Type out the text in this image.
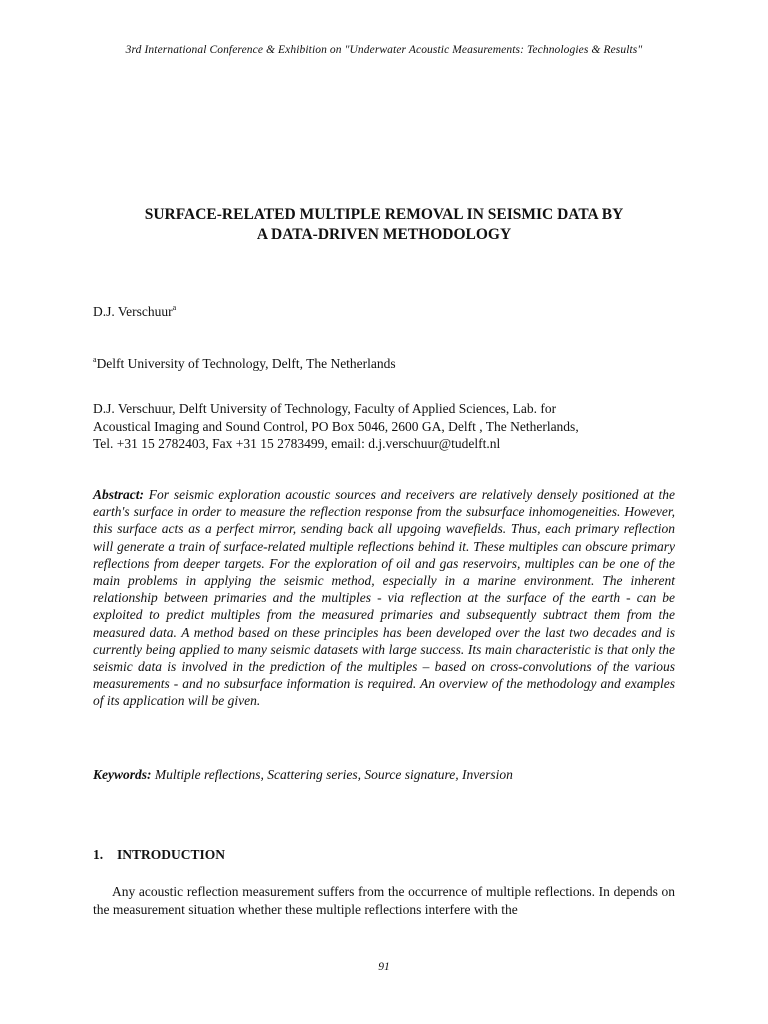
3rd International Conference & Exhibition on "Underwater Acoustic Measurements: Technologies & Results"
SURFACE-RELATED MULTIPLE REMOVAL IN SEISMIC DATA BY
A DATA-DRIVEN METHODOLOGY
D.J. Verschuur$^a$
$^a$Delft University of Technology, Delft, The Netherlands
D.J. Verschuur, Delft University of Technology, Faculty of Applied Sciences, Lab. for
Acoustical Imaging and Sound Control, PO Box 5046, 2600 GA, Delft , The Netherlands,
Tel. +31 15 2782403, Fax +31 15 2783499, email: d.j.verschuur@tudelft.nl
Abstract: For seismic exploration acoustic sources and receivers are relatively densely positioned at the earth's surface in order to measure the reflection response from the subsurface inhomogeneities. However, this surface acts as a perfect mirror, sending back all upgoing wavefields. Thus, each primary reflection will generate a train of surface-related multiple reflections behind it. These multiples can obscure primary reflections from deeper targets. For the exploration of oil and gas reservoirs, multiples can be one of the main problems in applying the seismic method, especially in a marine environment. The inherent relationship between primaries and the multiples - via reflection at the surface of the earth - can be exploited to predict multiples from the measured primaries and subsequently subtract them from the measured data. A method based on these principles has been developed over the last two decades and is currently being applied to many seismic datasets with large success. Its main characteristic is that only the seismic data is involved in the prediction of the multiples – based on cross-convolutions of the various measurements - and no subsurface information is required. An overview of the methodology and examples of its application will be given.
Keywords: Multiple reflections, Scattering series, Source signature, Inversion
1. INTRODUCTION
Any acoustic reflection measurement suffers from the occurrence of multiple reflections. In depends on the measurement situation whether these multiple reflections interfere with the
91
